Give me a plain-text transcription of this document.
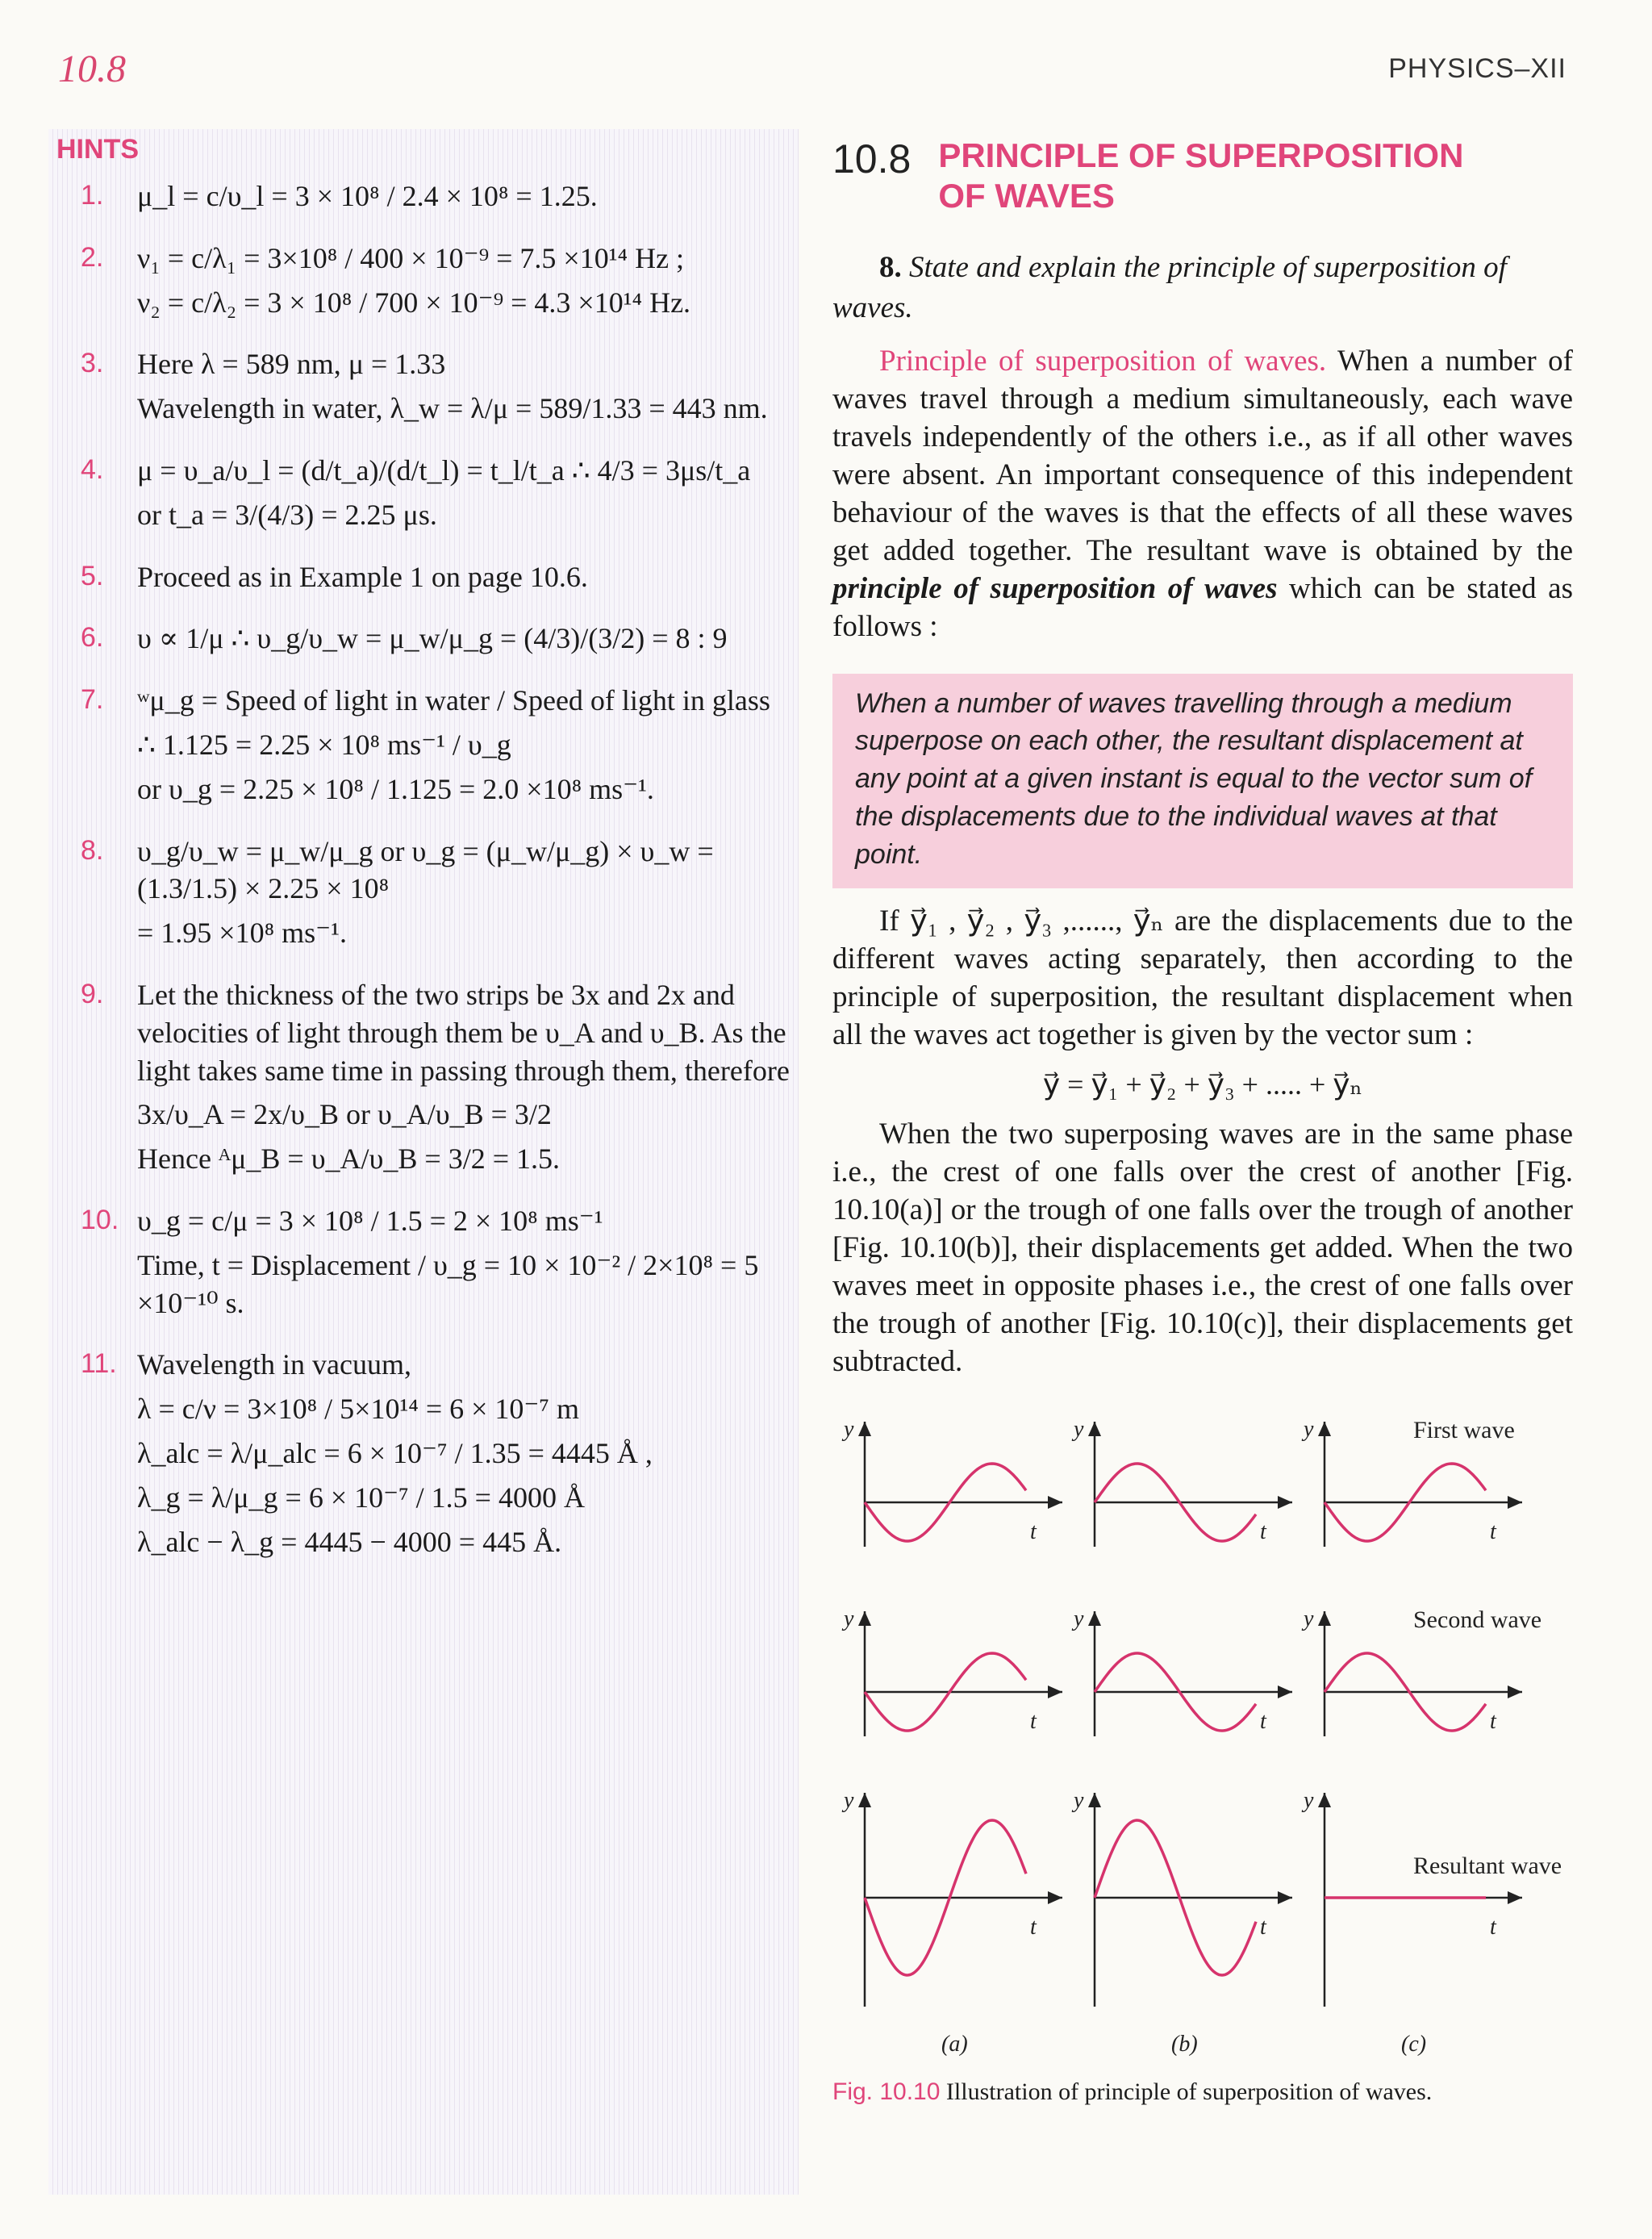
10.8	PHYSICS–XII
HINTS
1.	μ_l = c/υ_l = 3 × 10⁸ / 2.4 × 10⁸ = 1.25.
2.	ν₁ = c/λ₁ = 3×10⁸ / 400 × 10⁻⁹ = 7.5 ×10¹⁴ Hz ;
ν₂ = c/λ₂ = 3 × 10⁸ / 700 × 10⁻⁹ = 4.3 ×10¹⁴ Hz.
3.	Here λ = 589 nm, μ = 1.33
Wavelength in water, λ_w = λ/μ = 589/1.33 = 443 nm.
4.	μ = υ_a/υ_l = (d/t_a)/(d/t_l) = t_l/t_a ∴ 4/3 = 3μs/t_a
or t_a = 3/(4/3) = 2.25 μs.
5.	Proceed as in Example 1 on page 10.6.
6.	υ ∝ 1/μ ∴ υ_g/υ_w = μ_w/μ_g = (4/3)/(3/2) = 8 : 9
7.	ʷμ_g = Speed of light in water / Speed of light in glass
∴ 1.125 = 2.25 × 10⁸ ms⁻¹ / υ_g
or υ_g = 2.25 × 10⁸ / 1.125 = 2.0 ×10⁸ ms⁻¹.
8.	υ_g/υ_w = μ_w/μ_g or υ_g = (μ_w/μ_g) × υ_w = (1.3/1.5) × 2.25 × 10⁸
= 1.95 ×10⁸ ms⁻¹.
9.	Let the thickness of the two strips be 3x and 2x and velocities of light through them be υ_A and υ_B. As the light takes same time in passing through them, therefore
3x/υ_A = 2x/υ_B or υ_A/υ_B = 3/2
Hence ᴬμ_B = υ_A/υ_B = 3/2 = 1.5.
10. υ_g = c/μ = 3 × 10⁸ / 1.5 = 2 × 10⁸ ms⁻¹
Time, t = Displacement / υ_g = 10 × 10⁻² / 2×10⁸ = 5 ×10⁻¹⁰ s.
11. Wavelength in vacuum,
λ = c/ν = 3×10⁸ / 5×10¹⁴ = 6 × 10⁻⁷ m
λ_alc = λ/μ_alc = 6 × 10⁻⁷ / 1.35 = 4445 Å ,
λ_g = λ/μ_g = 6 × 10⁻⁷ / 1.5 = 4000 Å
λ_alc − λ_g = 4445 − 4000 = 445 Å.
10.8 PRINCIPLE OF SUPERPOSITION
OF WAVES
8. State and explain the principle of superposition of waves.

Principle of superposition of waves. When a number of waves travel through a medium simultaneously, each wave travels independently of the others i.e., as if all other waves were absent. An important consequence of this independent behaviour of the waves is that the effects of all these waves get added together. The resultant wave is obtained by the principle of superposition of waves which can be stated as follows :

When a number of waves travelling through a medium superpose on each other, the resultant displacement at any point at a given instant is equal to the vector sum of the displacements due to the individual waves at that point.

If y⃗₁ , y⃗₂ , y⃗₃ ,......, y⃗ₙ are the displacements due to the different waves acting separately, then according to the principle of superposition, the resultant displacement when all the waves act together is given by the vector sum :

y⃗ = y⃗₁ + y⃗₂ + y⃗₃ + ..... + y⃗ₙ

When the two superposing waves are in the same phase i.e., the crest of one falls over the crest of another [Fig. 10.10(a)] or the trough of one falls over the trough of another [Fig. 10.10(b)], their displacements get added. When the two waves meet in opposite phases i.e., the crest of one falls over the trough of another [Fig. 10.10(c)], their displacements get subtracted.

y
t
y
t
y
t
First wave
y
t
y
t
y
t
Second wave
y
t
y
t
y
t
Resultant wave
(a)	(b)	(c)
Fig. 10.10 Illustration of principle of superposition of waves.
